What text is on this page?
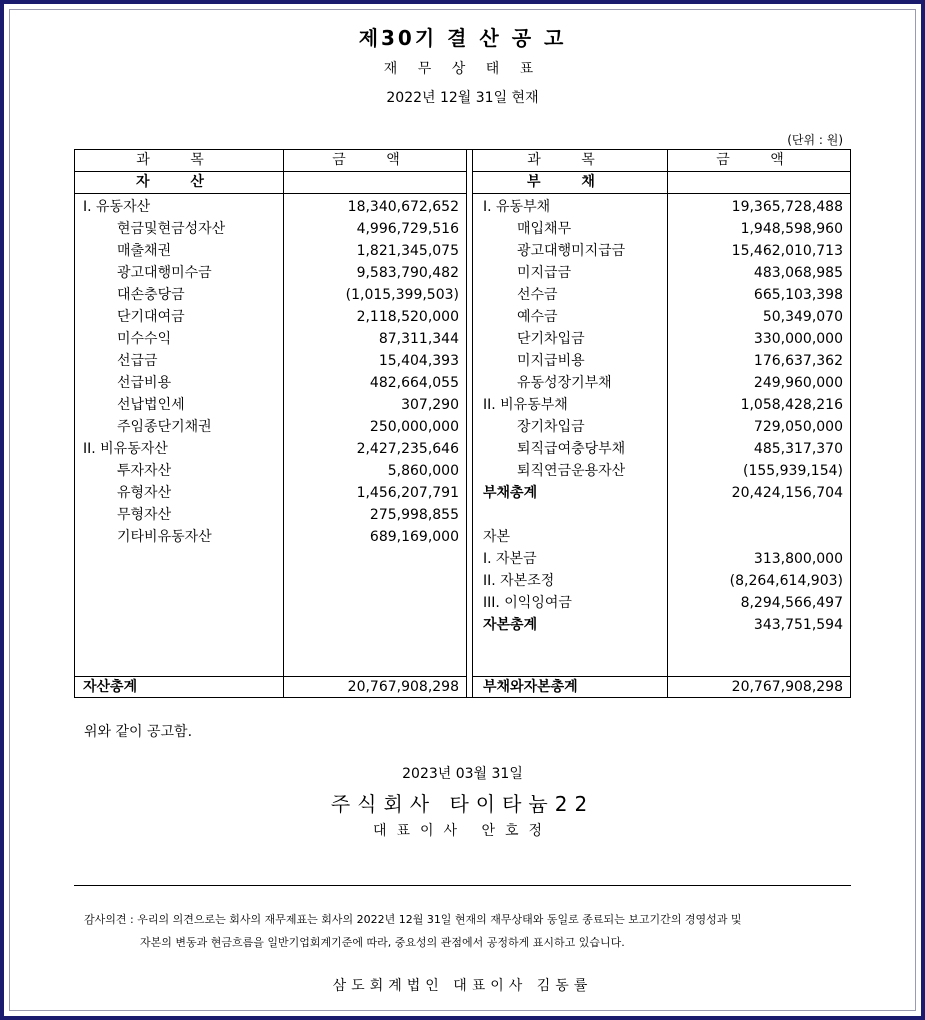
제30기 결 산 공 고
재 무 상 태 표
2022년 12월 31일 현재
(단위 : 원)
과 목	금 액
자 산
I. 유동자산	18,340,672,652
현금및현금성자산	4,996,729,516
매출채권	1,821,345,075
광고대행미수금	9,583,790,482
대손충당금	(1,015,399,503)
단기대여금	2,118,520,000
미수수익	87,311,344
선급금	15,404,393
선급비용	482,664,055
선납법인세	307,290
주임종단기채권	250,000,000
II. 비유동자산	2,427,235,646
투자자산	5,860,000
유형자산	1,456,207,791
무형자산	275,998,855
기타비유동자산	689,169,000
자산총계	20,767,908,298
과 목	금 액
부 채
I. 유동부채	19,365,728,488
매입채무	1,948,598,960
광고대행미지급금	15,462,010,713
미지급금	483,068,985
선수금	665,103,398
예수금	50,349,070
단기차입금	330,000,000
미지급비용	176,637,362
유동성장기부채	249,960,000
II. 비유동부채	1,058,428,216
장기차입금	729,050,000
퇴직급여충당부채	485,317,370
퇴직연금운용자산	(155,939,154)
부채총계	20,424,156,704
자본
I. 자본금	313,800,000
II. 자본조정	(8,264,614,903)
III. 이익잉여금	8,294,566,497
자본총계	343,751,594
부채와자본총계	20,767,908,298
위와 같이 공고함.
2023년 03월 31일
주식회사 타이타늄22
대표이사 안호정
감사의견 : 우리의 의견으로는 회사의 재무제표는 회사의 2022년 12월 31일 현재의 재무상태와 동일로 종료되는 보고기간의 경영성과 및
자본의 변동과 현금흐름을 일반기업회계기준에 따라, 중요성의 관점에서 공정하게 표시하고 있습니다.
삼도회계법인 대표이사 김동률
